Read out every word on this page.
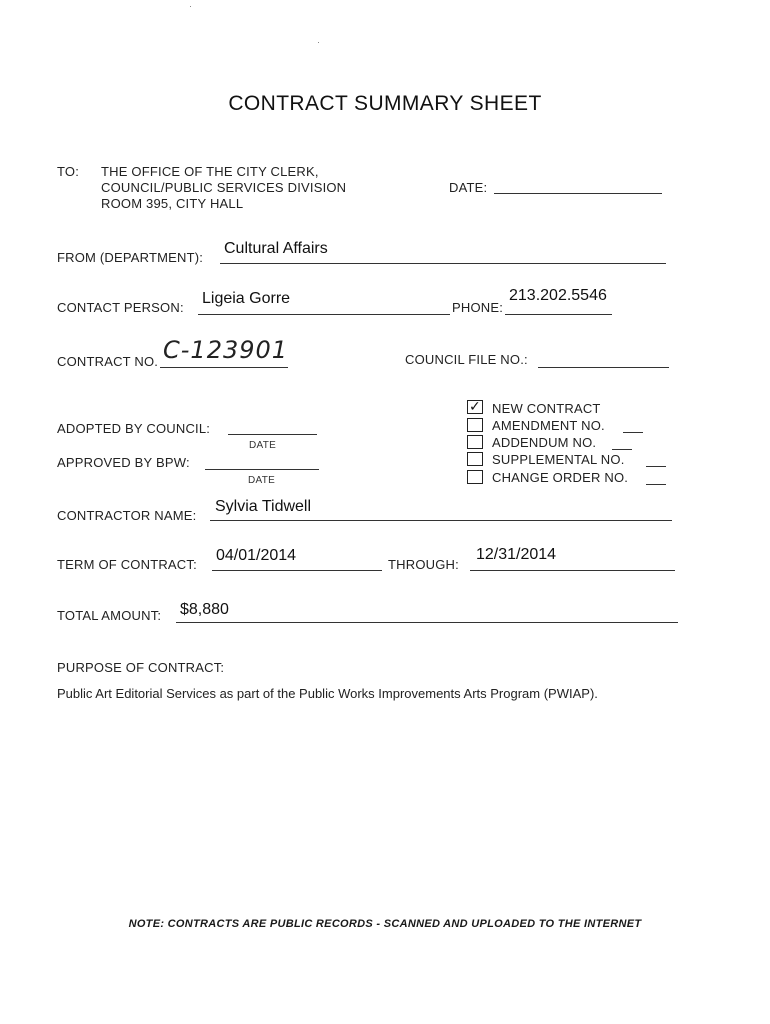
CONTRACT SUMMARY SHEET
TO: THE OFFICE OF THE CITY CLERK,
COUNCIL/PUBLIC SERVICES DIVISION
ROOM 395, CITY HALL
DATE:
FROM (DEPARTMENT):
Cultural Affairs
CONTACT PERSON:
Ligeia Gorre
PHONE:
213.202.5546
CONTRACT NO. C-123901	COUNCIL FILE NO.:
ADOPTED BY COUNCIL:
DATE
APPROVED BY BPW:
DATE
✓ NEW CONTRACT
AMENDMENT NO.
ADDENDUM NO.
SUPPLEMENTAL NO.
CHANGE ORDER NO.
CONTRACTOR NAME:
Sylvia Tidwell
TERM OF CONTRACT:
04/01/2014
THROUGH:
12/31/2014
TOTAL AMOUNT: $8,880
PURPOSE OF CONTRACT:
Public Art Editorial Services as part of the Public Works Improvements Arts Program (PWIAP).
NOTE: CONTRACTS ARE PUBLIC RECORDS - SCANNED AND UPLOADED TO THE INTERNET
